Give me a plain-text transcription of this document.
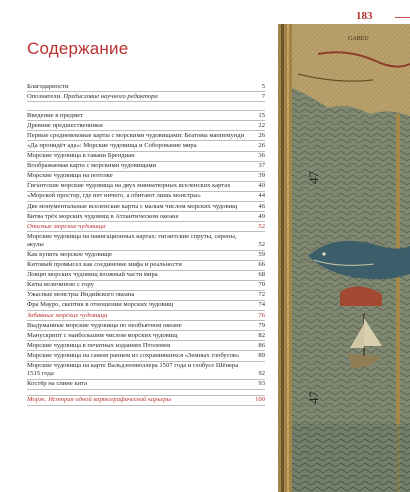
183
Содержание
Благодарности	5
Опознатели. Предисловие научного редактора	7
Введение в предмет	15
Древние предшественники	22
Первые средневековые карты с морскими чудовищами: Беатовы маппемунди	26
«Да пронидёт ада»: Морские чудовища и Соборование мира	26
Морские чудовища в гавани Брендиан	36
Воображаемая карта с морскими чудовищами	37
Морские чудовища на потолке	39
Гигантские морские чудовища на двух миниатюрных вселенских картах	40
«Морской простор, где нет ничего, а обитают лишь монстры»	44
Две монументальные вселенские карты с малым числом морских чудовищ	46
Битва трёх морских чудовищ в Атлантическом океане	49
Опасные морские чудовища	52
Морские чудовища на навигационных картах: гигантские спруты, сирены, акулы	52
Как купить морское чудовище	59
Китовый промысел как соединение мифа и реальности	66
Ловцю морских чудовищ вложный части мира	68
Киты величиною с гору	70
Ужасные монстры Индийского океана	72
Фра Мауро, скептик в отношении морских чудовищ	74
Забавные морские чудовища	76
Выдуманные морские чудовища по необъятном океане	79
Манускрипт с наибольшим числом морских чудовищ	82
Морские чудовища в печатных изданиях Птолемея	86
Морские чудовища на самом раннем из сохранившихся «Земных глобусов»	89
Морские чудовища на карте Вальдзеемюллера 1507 года и глобусе Шёнера 1515 года	92
Костёр на спине кита	93
Морж. История одной картографической карьеры	100
GABEU
47
47
